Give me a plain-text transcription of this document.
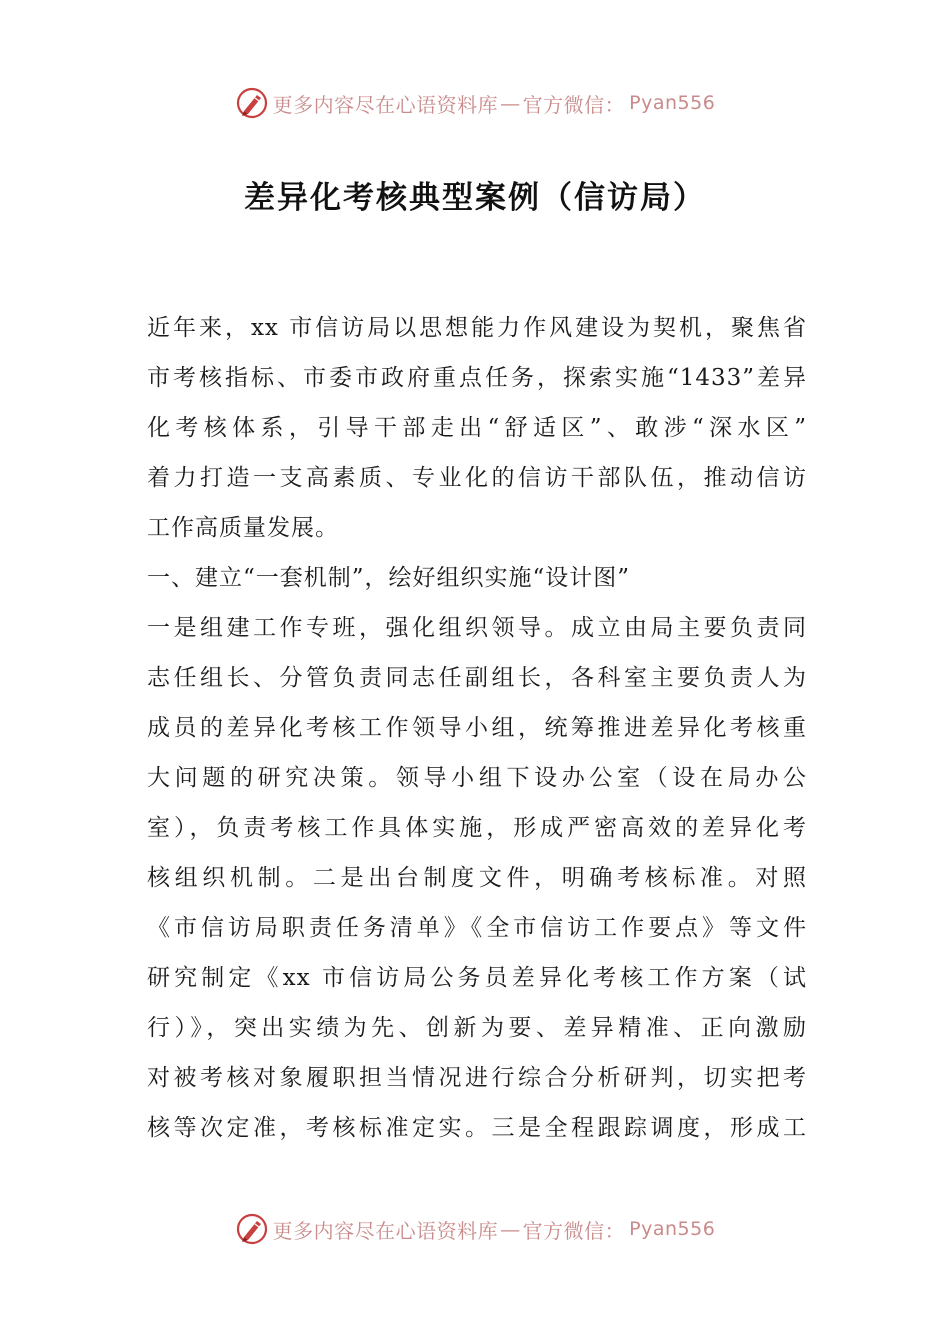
更多内容尽在心语资料库 — 官方微信： Pyan556
差异化考核典型案例（信访局）
近年来，xx 市信访局以思想能力作风建设为契机，聚焦省
市考核指标、市委市政府重点任务，探索实施“1433”差异
化考核体系，引导干部走出“舒适区”、敢涉“深水区”
着力打造一支高素质、专业化的信访干部队伍，推动信访
工作高质量发展。
一、建立“一套机制”，绘好组织实施“设计图”
一是组建工作专班，强化组织领导。成立由局主要负责同
志任组长、分管负责同志任副组长，各科室主要负责人为
成员的差异化考核工作领导小组，统筹推进差异化考核重
大问题的研究决策。领导小组下设办公室（设在局办公
室），负责考核工作具体实施，形成严密高效的差异化考
核组织机制。二是出台制度文件，明确考核标准。对照
《市信访局职责任务清单》《全市信访工作要点》等文件
研究制定《xx 市信访局公务员差异化考核工作方案（试
行）》，突出实绩为先、创新为要、差异精准、正向激励
对被考核对象履职担当情况进行综合分析研判，切实把考
核等次定准，考核标准定实。三是全程跟踪调度，形成工
更多内容尽在心语资料库 — 官方微信： Pyan556
